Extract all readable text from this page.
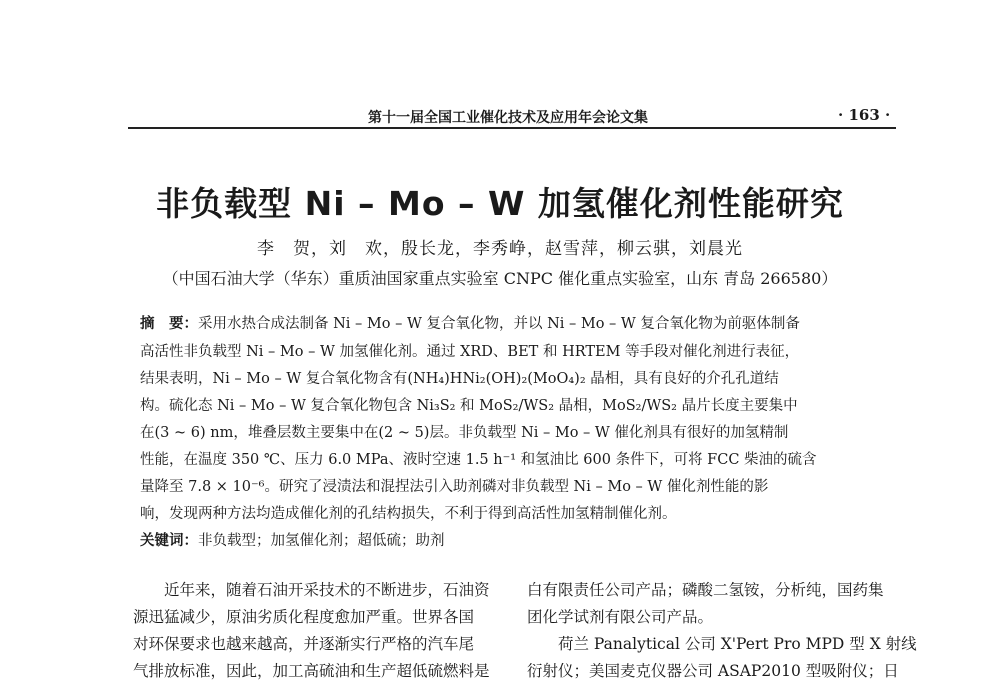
第十一届全国工业催化技术及应用年会论文集	· 163 ·
非负载型 Ni – Mo – W 加氢催化剂性能研究
李　贺，刘　欢，殷长龙，李秀峥，赵雪萍，柳云骐，刘晨光
（中国石油大学（华东）重质油国家重点实验室 CNPC 催化重点实验室，山东 青岛 266580）
摘　要：采用水热合成法制备 Ni – Mo – W 复合氧化物，并以 Ni – Mo – W 复合氧化物为前驱体制备
高活性非负载型 Ni – Mo – W 加氢催化剂。通过 XRD、BET 和 HRTEM 等手段对催化剂进行表征，
结果表明，Ni – Mo – W 复合氧化物含有(NH₄)HNi₂(OH)₂(MoO₄)₂ 晶相，具有良好的介孔孔道结
构。硫化态 Ni – Mo – W 复合氧化物包含 Ni₃S₂ 和 MoS₂/WS₂ 晶相，MoS₂/WS₂ 晶片长度主要集中
在(3 ~ 6) nm，堆叠层数主要集中在(2 ~ 5)层。非负载型 Ni – Mo – W 催化剂具有很好的加氢精制
性能，在温度 350 ℃、压力 6.0 MPa、液时空速 1.5 h⁻¹ 和氢油比 600 条件下，可将 FCC 柴油的硫含
量降至 7.8 × 10⁻⁶。研究了浸渍法和混捏法引入助剂磷对非负载型 Ni – Mo – W 催化剂性能的影
响，发现两种方法均造成催化剂的孔结构损失，不利于得到高活性加氢精制催化剂。
关键词：非负载型；加氢催化剂；超低硫；助剂
　　近年来，随着石油开采技术的不断进步，石油资
源迅猛减少，原油劣质化程度愈加严重。世界各国
对环保要求也越来越高，并逐渐实行严格的汽车尾
气排放标准，因此，加工高硫油和生产超低硫燃料是
白有限责任公司产品；磷酸二氢铵，分析纯，国药集
团化学试剂有限公司产品。
　　荷兰 Panalytical 公司 X'Pert Pro MPD 型 X 射线
衍射仪；美国麦克仪器公司 ASAP2010 型吸附仪；日
